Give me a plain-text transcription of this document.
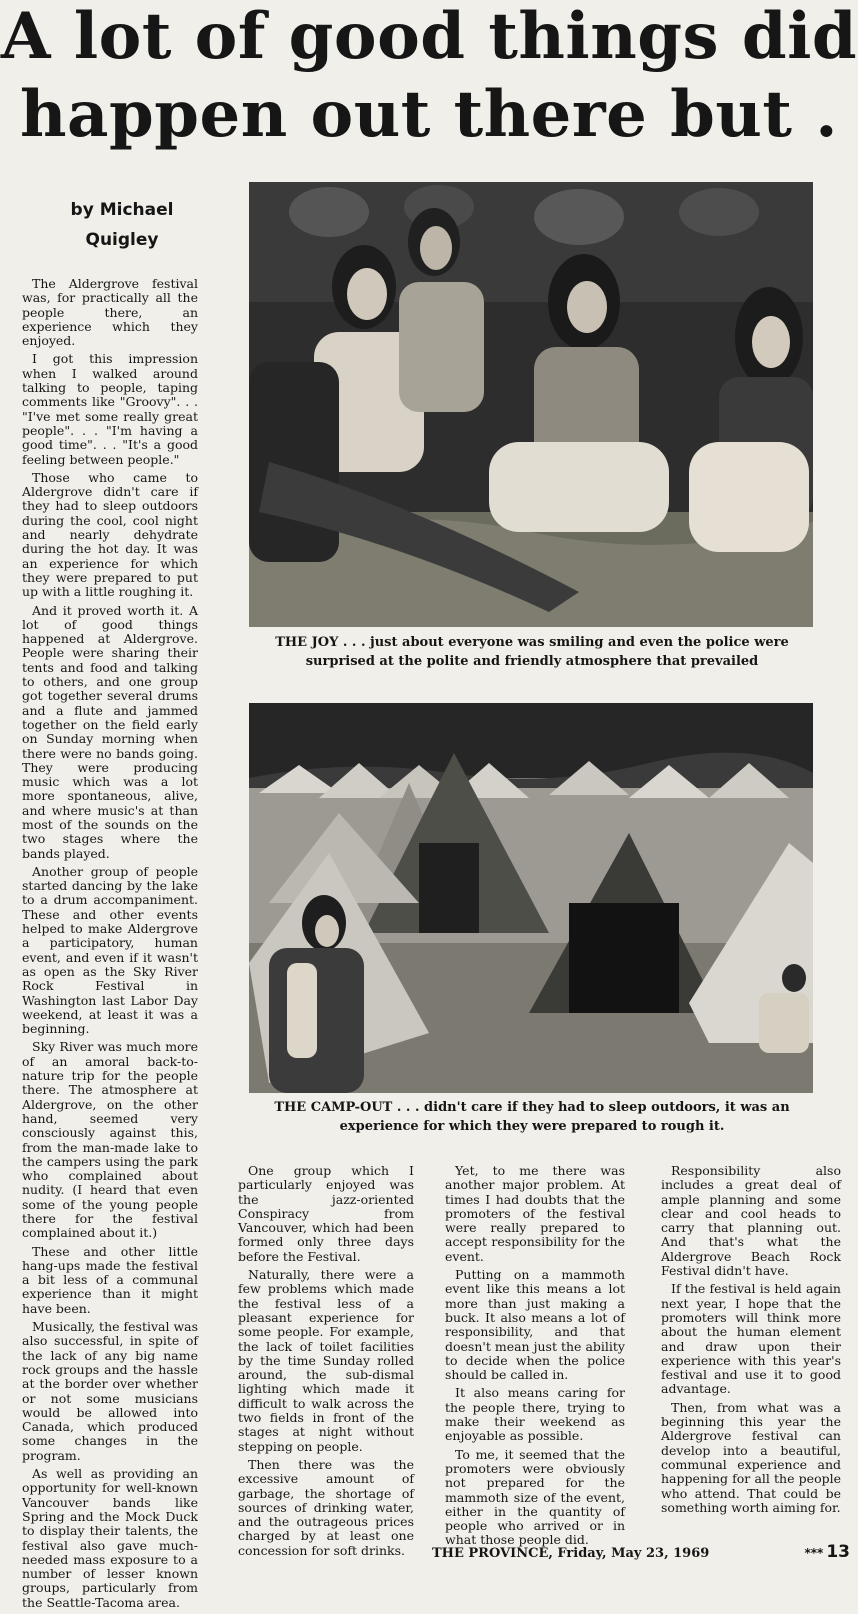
A lot of good things did
happen out there but .
by Michael
Quigley

The Aldergrove festival was, for practically all the people there, an experience which they enjoyed.

I got this impression when I walked around talking to people, taping comments like "Groovy". . . "I've met some really great people". . . "I'm having a good time". . . "It's a good feeling between people."

Those who came to Aldergrove didn't care if they had to sleep outdoors during the cool, cool night and nearly dehydrate during the hot day. It was an experience for which they were prepared to put up with a little roughing it.

And it proved worth it. A lot of good things happened at Aldergrove. People were sharing their tents and food and talking to others, and one group got together several drums and a flute and jammed together on the field early on Sunday morning when there were no bands going. They were producing music which was a lot more spontaneous, alive, and where music's at than most of the sounds on the two stages where the bands played.

Another group of people started dancing by the lake to a drum accompaniment. These and other events helped to make Aldergrove a participatory, human event, and even if it wasn't as open as the Sky River Rock Festival in Washington last Labor Day weekend, at least it was a beginning.

Sky River was much more of an amoral back-to-nature trip for the people there. The atmosphere at Aldergrove, on the other hand, seemed very consciously against this, from the man-made lake to the campers using the park who complained about nudity. (I heard that even some of the young people there for the festival complained about it.)

These and other little hang-ups made the festival a bit less of a communal experience than it might have been.

Musically, the festival was also successful, in spite of the lack of any big name rock groups and the hassle at the border over whether or not some musicians would be allowed into Canada, which produced some changes in the program.

As well as providing an opportunity for well-known Vancouver bands like Spring and the Mock Duck to display their talents, the festival also gave much-needed mass exposure to a number of lesser known groups, particularly from the Seattle-Tacoma area.

THE JOY . . . just about everyone was smiling and even the police were surprised at the polite and friendly atmosphere that prevailed
THE CAMP-OUT . . . didn't care if they had to sleep outdoors, it was an experience for which they were prepared to rough it.

One group which I particularly enjoyed was the jazz-oriented Conspiracy from Vancouver, which had been formed only three days before the Festival.

Naturally, there were a few problems which made the festival less of a pleasant experience for some people. For example, the lack of toilet facilities by the time Sunday rolled around, the sub-dismal lighting which made it difficult to walk across the two fields in front of the stages at night without stepping on people.

Then there was the excessive amount of garbage, the shortage of sources of drinking water, and the outrageous prices charged by at least one concession for soft drinks.

Yet, to me there was another major problem. At times I had doubts that the promoters of the festival were really prepared to accept responsibility for the event.

Putting on a mammoth event like this means a lot more than just making a buck. It also means a lot of responsibility, and that doesn't mean just the ability to decide when the police should be called in.

It also means caring for the people there, trying to make their weekend as enjoyable as possible.

To me, it seemed that the promoters were obviously not prepared for the mammoth size of the event, either in the quantity of people who arrived or in what those people did.

Responsibility also includes a great deal of ample planning and some clear and cool heads to carry that planning out. And that's what the Aldergrove Beach Rock Festival didn't have.

If the festival is held again next year, I hope that the promoters will think more about the human element and draw upon their experience with this year's festival and use it to good advantage.

Then, from what was a beginning this year the Aldergrove festival can develop into a beautiful, communal experience and happening for all the people who attend. That could be something worth aiming for.

THE PROVINCE, Friday, May 23, 1969	*** 13
